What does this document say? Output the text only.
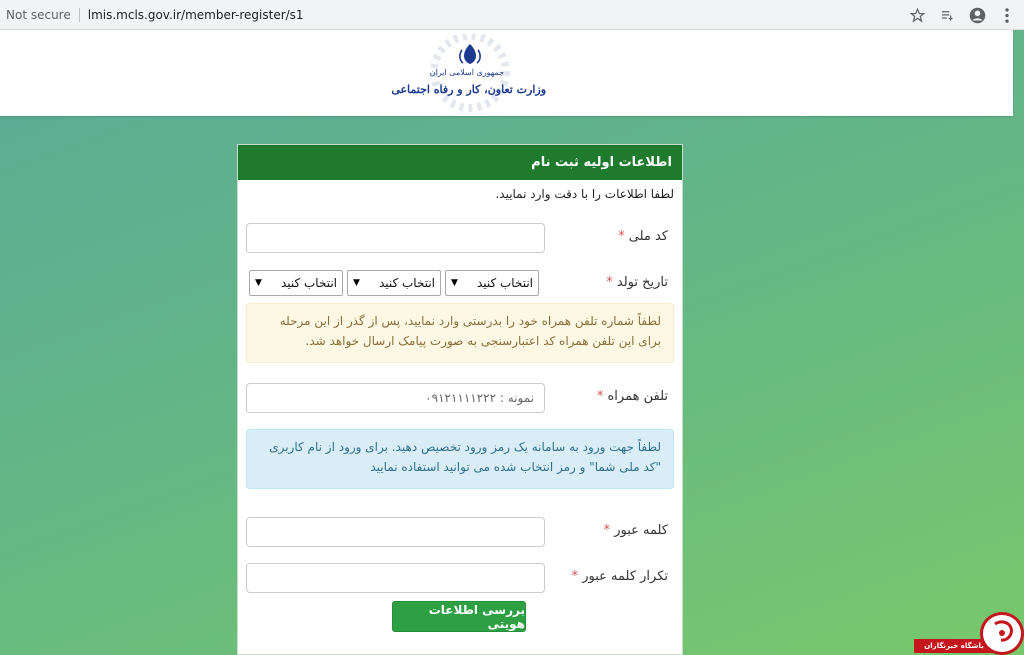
Not secure lmis.mcls.gov.ir/member-register/s1
جمهوری اسلامی ایران
وزارت تعاون، کار و رفاه اجتماعی
اطلاعات اولیه ثبت نام
لطفا اطلاعات را با دقت وارد نمایید.
کد ملی *
تاریخ تولد *
انتخاب کنید
▼
انتخاب کنید
▼
انتخاب کنید
▼
لطفاً شماره تلفن همراه خود را بدرستی وارد نمایید، پس از گذر از این مرحله برای این تلفن همراه کد اعتبارسنجی به صورت پیامک ارسال خواهد شد.
تلفن همراه *
نمونه : ۰۹۱۲۱۱۱۱۲۲۲
لطفاً جهت ورود به سامانه یک رمز ورود تخصیص دهید. برای ورود از نام کاربری "کد ملی شما" و رمز انتخاب شده می توانید استفاده نمایید
کلمه عبور *
تکرار کلمه عبور *
بررسی اطلاعات هویتی
باشگاه خبرنگاران
